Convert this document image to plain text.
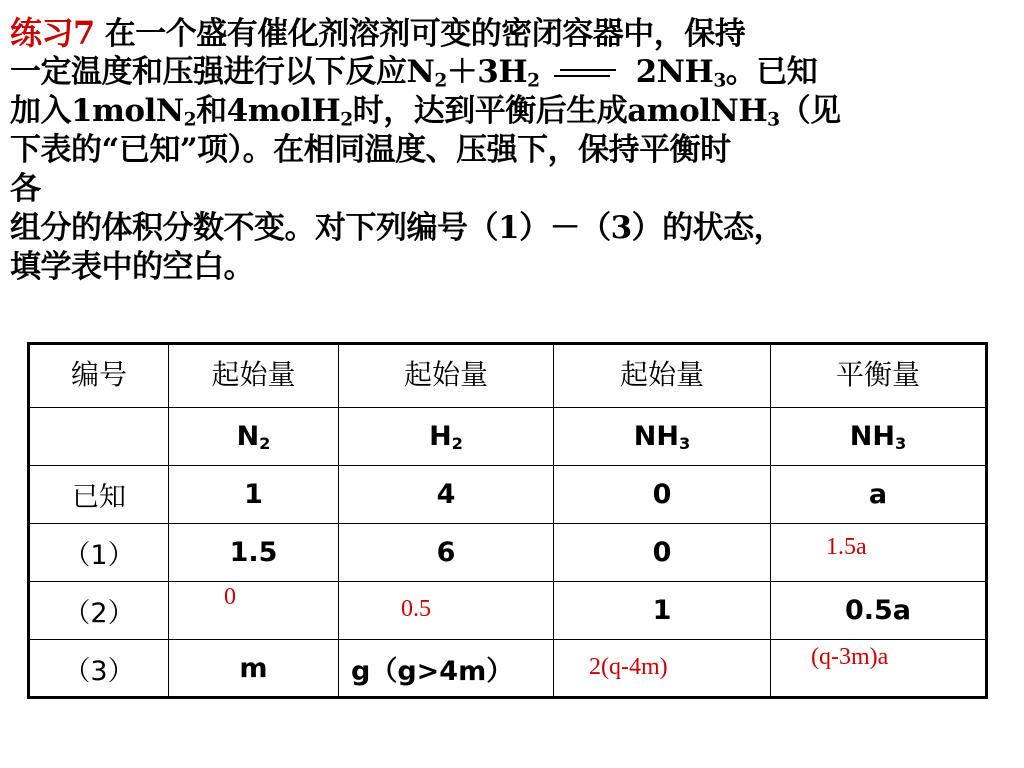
练习7 在一个盛有催化剂溶剂可变的密闭容器中，保持
一定温度和压强进行以下反应$N_2+3H_2$	$2NH_3$。已知
加入1molN$_2$和4molH$_2$时，达到平衡后生成amolNH$_3$（见
下表的“已知”项）。在相同温度、压强下，保持平衡时
各
组分的体积分数不变。对下列编号（1）－（3）的状态，
填学表中的空白。
编号	起始量	起始量	起始量	平衡量
	$N_2$	$H_2$	$NH_3$	$NH_3$
已知	1	4	0	a
（1）	1.5	6	0	1.5a

（2）	0	0.5	1	0.5a
（3）	m	g（g>4m）	2(q-4m)	(q-3m)a
